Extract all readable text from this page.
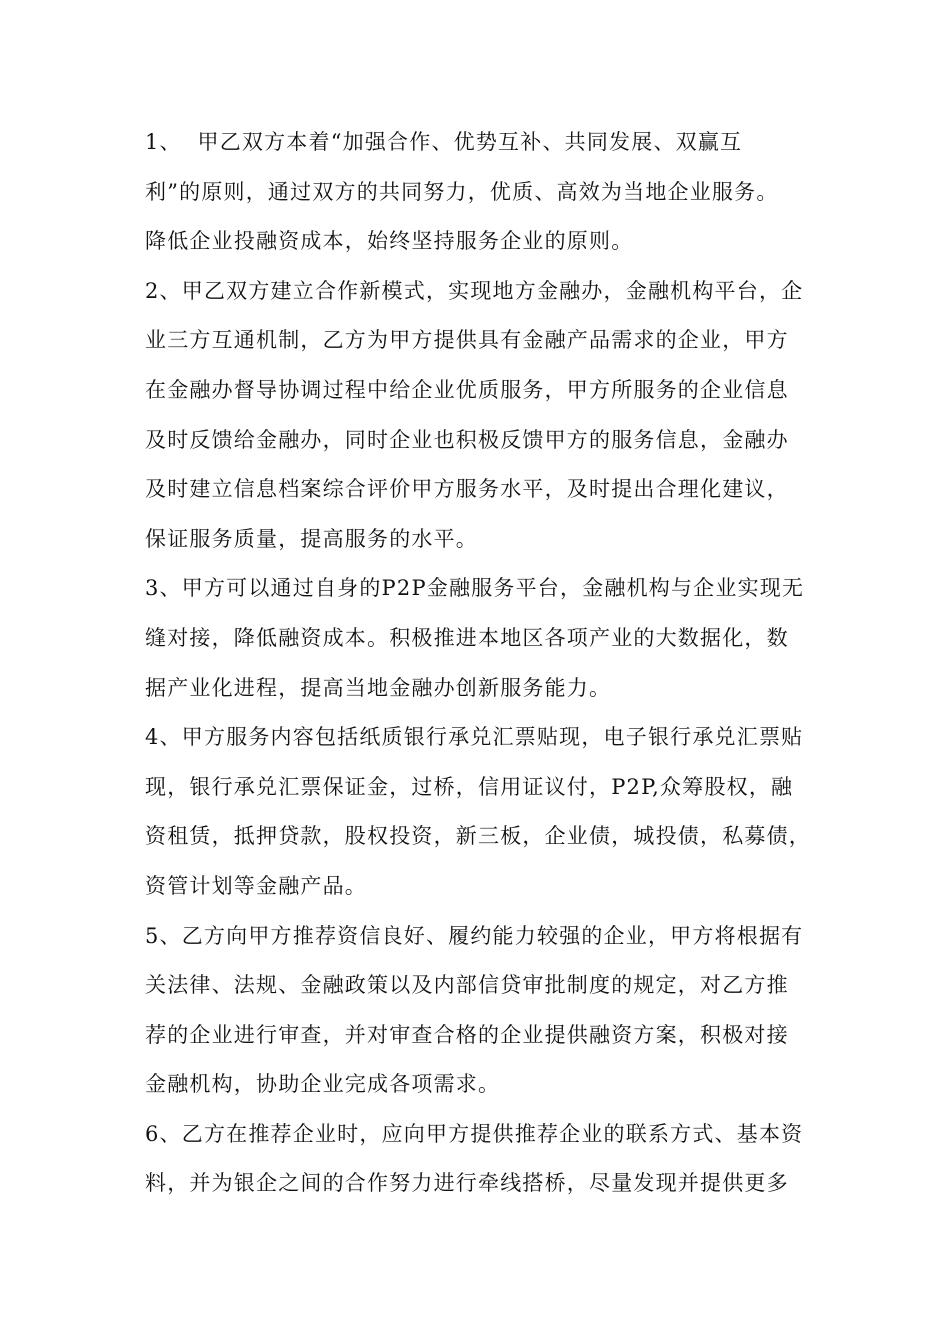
1、  甲乙双方本着“加强合作、优势互补、共同发展、双赢互
利”的原则，通过双方的共同努力，优质、高效为当地企业服务。
降低企业投融资成本，始终坚持服务企业的原则。
2、甲乙双方建立合作新模式，实现地方金融办，金融机构平台，企
业三方互通机制，乙方为甲方提供具有金融产品需求的企业，甲方
在金融办督导协调过程中给企业优质服务，甲方所服务的企业信息
及时反馈给金融办，同时企业也积极反馈甲方的服务信息，金融办
及时建立信息档案综合评价甲方服务水平，及时提出合理化建议，
保证服务质量，提高服务的水平。
3、甲方可以通过自身的P2P金融服务平台，金融机构与企业实现无
缝对接，降低融资成本。积极推进本地区各项产业的大数据化，数
据产业化进程，提高当地金融办创新服务能力。
4、甲方服务内容包括纸质银行承兑汇票贴现，电子银行承兑汇票贴
现，银行承兑汇票保证金，过桥，信用证议付，P2P,众筹股权，融
资租赁，抵押贷款，股权投资，新三板，企业债，城投债，私募债，
资管计划等金融产品。
5、乙方向甲方推荐资信良好、履约能力较强的企业，甲方将根据有
关法律、法规、金融政策以及内部信贷审批制度的规定，对乙方推
荐的企业进行审查，并对审查合格的企业提供融资方案，积极对接
金融机构，协助企业完成各项需求。
6、乙方在推荐企业时，应向甲方提供推荐企业的联系方式、基本资
料，并为银企之间的合作努力进行牵线搭桥，尽量发现并提供更多
